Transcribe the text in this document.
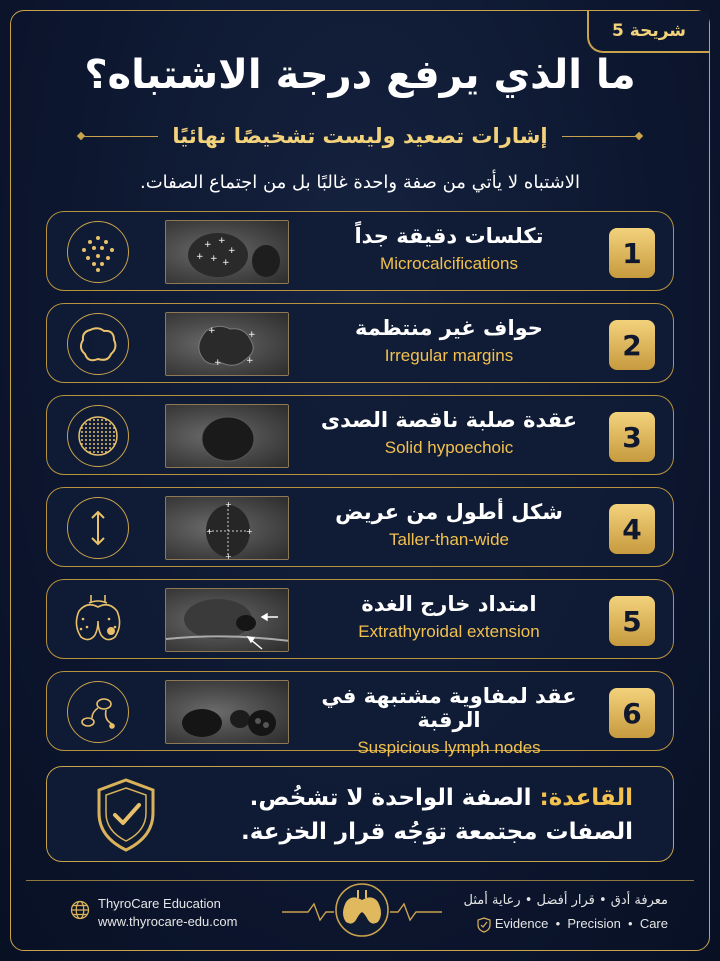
شريحة 5
ما الذي يرفع درجة الاشتباه؟
إشارات تصعيد وليست تشخيصًا نهائيًا
الاشتباه لا يأتي من صفة واحدة غالبًا بل من اجتماع الصفات.
1
تكلسات دقيقة جداً
Microcalcifications
+ +
+ +
+
+
2
حواف غير منتظمة
Irregular margins
+	+
+	+
3
عقدة صلبة ناقصة الصدى
Solid hypoechoic
4
شكل أطول من عريض
Taller-than-wide
+
+
+	+
5
امتداد خارج الغدة
Extrathyroidal extension
6
عقد لمفاوية مشتبهة في الرقبة
Suspicious lymph nodes
القاعدة: الصفة الواحدة لا تشخُص.
الصفات مجتمعة توَجُه قرار الخزعة.
ThyroCare Education
www.thyrocare-edu.com
معرفة أدق • قرار أفضل • رعاية أمثل
Evidence  •  Precision  •  Care
